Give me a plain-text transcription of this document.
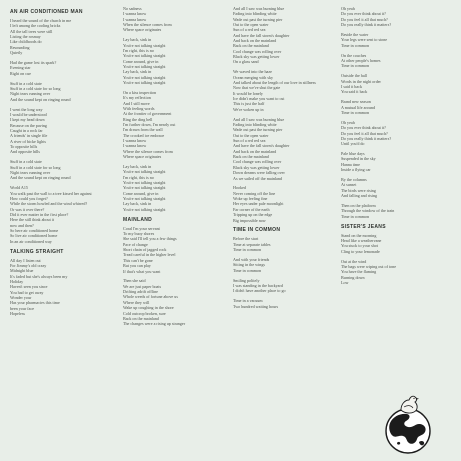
AN AIR CONDITIONED MAN
I heard the sound of the church in me
I left among the cooling bricks
All the tall trees were still
Listing the rosmay
Like childhoods do
Resounding
Quietly
Had the game lost its spark?
Evening star
Right on cue
Stuff in a cold state
Stuff in a cold state for so long
Night tears running over
And the sound kept on ringing round
I went the long way
I would be understood
I kept my head down
Because on the paving
Caught in a rock far
A friends' in single file
A river of bicke lights
To opposite hills
And opposite hills
Stuff in a cold state
Stuff in a cold state for so long
Night tears running over
And the sound kept on ringing round
World A15
You walk past the wall to a tree kissed her against
How could you forget?
While the storm howled and the wind whirred?
Or was it over there?
Did it ever matter in the first place?
Here the still think about it
now and then?
So here air conditioned home
So live air conditioned home
In an air conditioned way
TALKING STRAIGHT
All day I listen out
For Jimmy's old crazy
Midnight blue
It's faded but she's always been my
Holiday
Haven't seen you since
You had to get away
Wonder your
Has your pharmacies this time
been your face
Hopeless
No sadness
I wanna know
I wanna know
When the silence comes from
Where space originates
Lay back, sink in
You're not talking straight
I'm right, this is no
You're not talking straight
Come around, give in
You're not talking straight
Lay back, sink in
You're not talking straight
You're not talking straight
On a kiss inspection
It's my reflection
And I still move
With feeling words
At the frontier of government
Ring the ding bell
I'm further down, I'm nearly out
I'm drawn from the wall
The crooked ice embrace
I wanna know
I wanna know
Where the silence comes from
Where space originates
Lay back, sink in
You're not talking straight
I'm right, this is no
You're not talking straight
You're not talking straight
Come around, give in
You're not talking straight
Lay back, sink in
You're not talking straight
MAINLAND
Coral I'm your servant
To my buoy shores
She said I'll tell you a few things
Pace of change
Short chain of jagged rock
Tread careful in the higher level
This can't be gone
But you can play
If that's what you want
Then she said
We are just paper boats
Drifting adrift offline
Whole weeds of fortune above us
Where they will
Wake up coughing in the shore
Cold outcrop broken, sure
Back on the mainland
The changes were a rising up stranger
And all I saw was burning blue
Fading into blinding white
Wade out past the turning pier
Out to the open water
Sun of a red red sea
And have the fall storm's daughter
And back on the mainland
Back on the mainland
Cool change was rolling over
Black sky was getting lower
On a glass sand
We waved into the haze
Ocean merging with sky
And talked about the length of our love in stillness
Now that we've shut the gate
It would be lonely
Ice didn't make you want to cut
This is just the half
We're woken up in
And all I saw was burning blue
Fading into blinding white
Wade out past the turning pier
Out to the open water
Sun of a red red sea
And have the fall storm's daughter
And back on the mainland
Back on the mainland
Cool change was rolling over
Black sky was getting lower
Down dreams were falling over
As we sailed off the mainland
Hooked
Never coming off the line
Woke up feeling fine
Her eyes under pale moonlight
Far corner of the earth
Tripping up on the edge
Big impossible now
TIME IN COMMON
Before the start
Time at separate tables
Time in common
And with your friends
Sitting in the wings
Time in common
Smiling politely
I was standing in the backyard
I didn't have another place to go
Time in a vacuum
Two hundred waiting hours
Oh yeah
Do you ever think about it?
Do you feel it all that much?
Do you really think it matters?
Beside the water
Your legs were sent to stone
Time in common
On the couches
At other people's homes
Time in common
Outside the hall
Words in the night order
I said it back
You said it back
Brand new season
A mutual life around
Time in common
Oh yeah
Do you ever think about it?
Do you feel it all that much?
Do you really think it matters?
Until you'd do
Pale blue days
Suspended in the sky
Hanna time
Inside a flying car
By the columns
At sunset
The birds were rising
And falling and rising
Then on the platform
Through the window of the train
Time in common
SISTER'S JEANS
Stand on the morning
Head like a weathervane
You stuck to your shot
Cling to your lemonade
Out at the wind
The bags were wiping out of tone
You have the flaming
Burning down
Low
